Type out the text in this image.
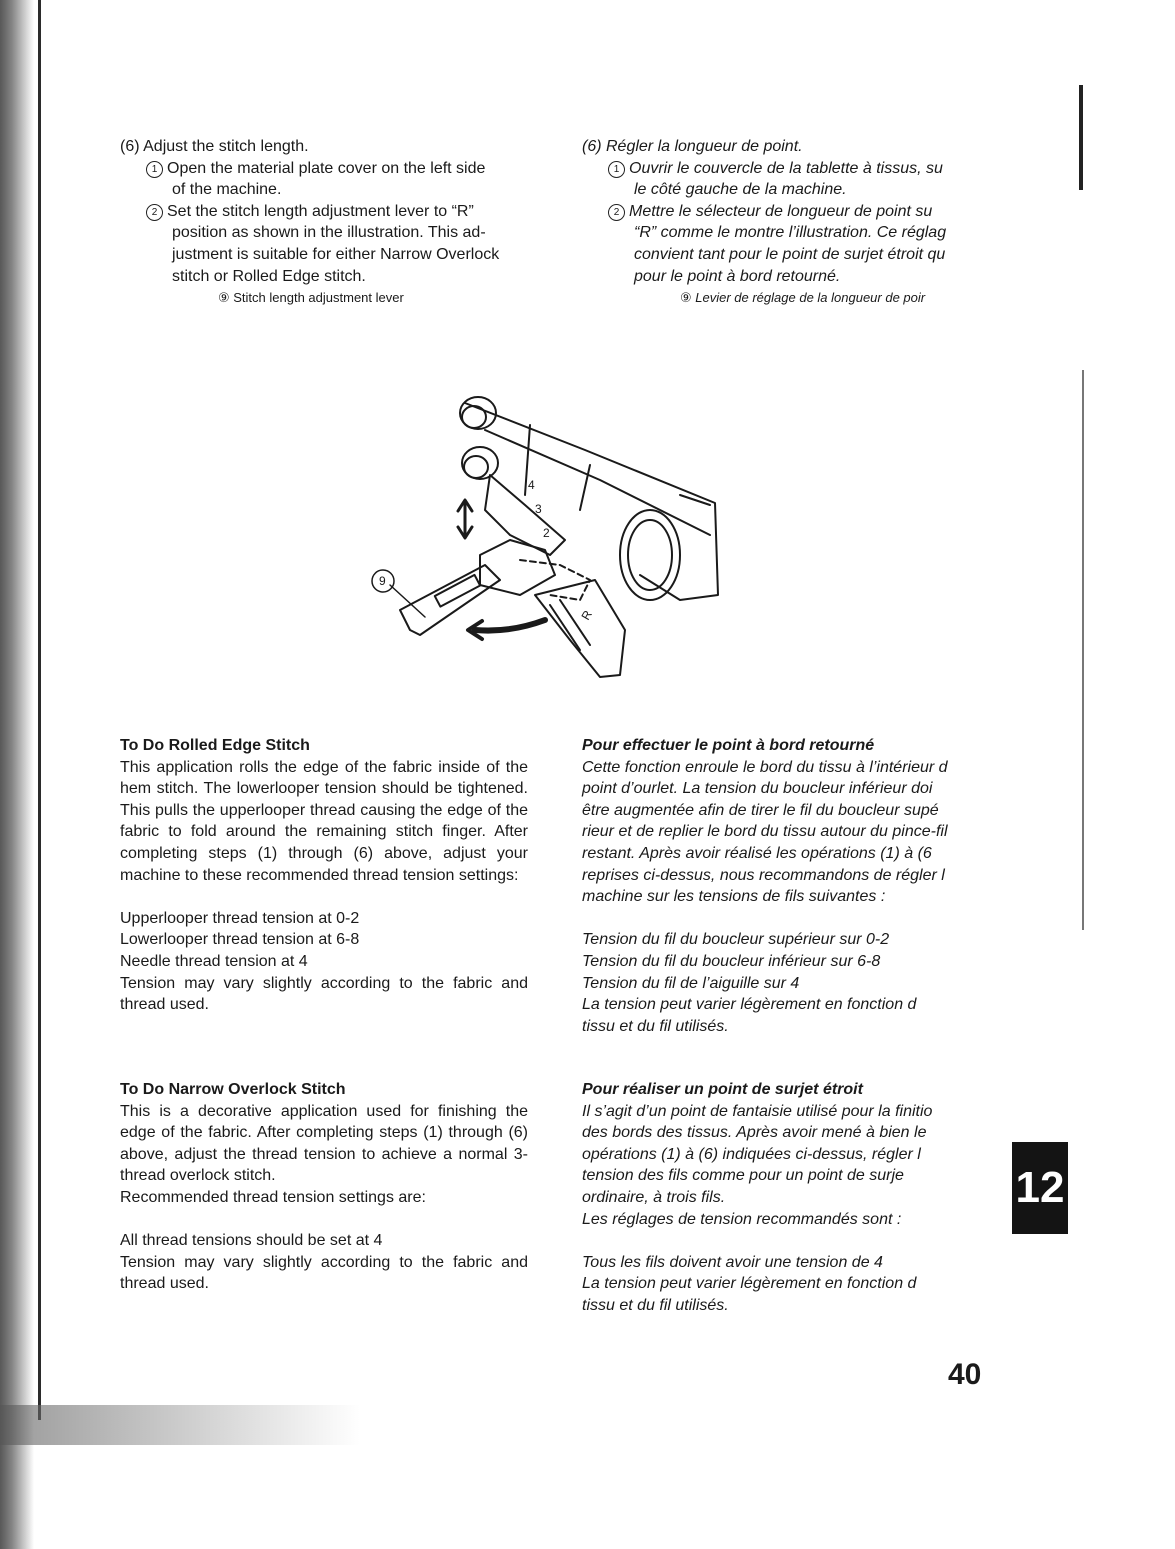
(6) Adjust the stitch length.

1 Open the material plate cover on the left side

of the machine.

2 Set the stitch length adjustment lever to “R”

position as shown in the illustration. This ad-

justment is suitable for either Narrow Overlock

stitch or Rolled Edge stitch.

⑨ Stitch length adjustment lever

(6) Régler la longueur de point.

1 Ouvrir le couvercle de la tablette à tissus, su

le côté gauche de la machine.

2 Mettre le sélecteur de longueur de point su

“R” comme le montre l’illustration. Ce réglag

convient tant pour le point de surjet étroit qu

pour le point à bord retourné.

⑨ Levier de réglage de la longueur de poir

9
4
3
2
R
To Do Rolled Edge Stitch

This application rolls the edge of the fabric inside of the hem stitch. The lowerlooper tension should be tightened. This pulls the upperlooper thread causing the edge of the fabric to fold around the remaining stitch finger. After completing steps (1) through (6) above, adjust your machine to these recommended thread tension settings:

Upperlooper thread tension at 0-2

Lowerlooper thread tension at 6-8

Needle thread tension at 4

Tension may vary slightly according to the fabric and thread used.

Pour effectuer le point à bord retourné

Cette fonction enroule le bord du tissu à l’intérieur d

point d’ourlet. La tension du boucleur inférieur doi

être augmentée afin de tirer le fil du boucleur supé

rieur et de replier le bord du tissu autour du pince-fil

restant. Après avoir réalisé les opérations (1) à (6

reprises ci-dessus, nous recommandons de régler l

machine sur les tensions de fils suivantes :

Tension du fil du boucleur supérieur sur 0-2

Tension du fil du boucleur inférieur sur 6-8

Tension du fil de l’aiguille sur 4

La tension peut varier légèrement en fonction d

tissu et du fil utilisés.

To Do Narrow Overlock Stitch

This is a decorative application used for finishing the edge of the fabric. After completing steps (1) through (6) above, adjust the thread tension to achieve a normal 3-thread overlock stitch.

Recommended thread tension settings are:

All thread tensions should be set at 4

Tension may vary slightly according to the fabric and thread used.

Pour réaliser un point de surjet étroit

Il s’agit d’un point de fantaisie utilisé pour la finitio

des bords des tissus. Après avoir mené à bien le

opérations (1) à (6) indiquées ci-dessus, régler l

tension des fils comme pour un point de surje

ordinaire, à trois fils.

Les réglages de tension recommandés sont :

Tous les fils doivent avoir une tension de 4

La tension peut varier légèrement en fonction d

tissu et du fil utilisés.

12
40
